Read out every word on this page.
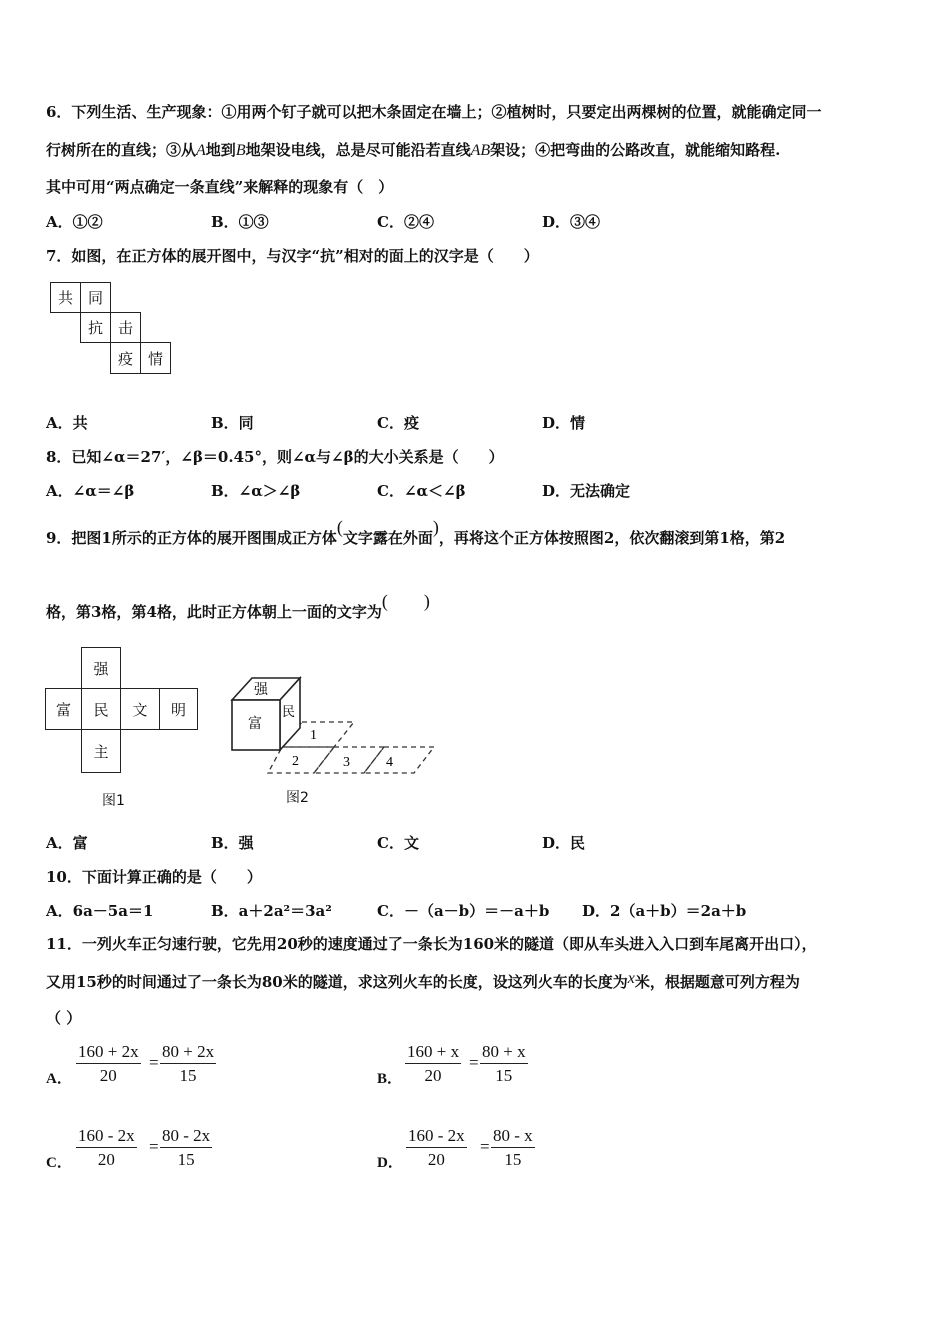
6．下列生活、生产现象：①用两个钉子就可以把木条固定在墙上；②植树时，只要定出两棵树的位置，就能确定同一
行树所在的直线；③从A地到B地架设电线，总是尽可能沿若直线AB架设；④把弯曲的公路改直，就能缩知路程.
其中可用“两点确定一条直线”来解释的现象有（　）
A．①②	B．①③	C．②④	D．③④
7．如图，在正方体的展开图中，与汉字“抗”相对的面上的汉字是（　　）
共 同
抗 击
疫 情
A．共	B．同	C．疫	D．情
8．已知∠α＝27′，∠β＝0.45°，则∠α与∠β的大小关系是（　　）
A．∠α＝∠β	B．∠α＞∠β	C．∠α＜∠β	D．无法确定
9．把图1所示的正方体的展开图围成正方体(文字露在外面)，再将这个正方体按照图2，依次翻滚到第1格，第2
格，第3格，第4格，此时正方体朝上一面的文字为(　　)
强
富	民	文	明
主
图1
强
富
民
1
2	3	4
图2
A．富	B．强	C．文	D．民
10．下面计算正确的是（　　）
A．6a－5a＝1	B．a＋2a²＝3a²	C．－（a－b）＝－a＋b D．2（a＋b）＝2a＋b
11．一列火车正匀速行驶，它先用20秒的速度通过了一条长为160米的隧道（即从车头进入入口到车尾离开出口），
又用15秒的时间通过了一条长为80米的隧道，求这列火车的长度，设这列火车的长度为x米，根据题意可列方程为
（ ）
A．
160 + 2x
20
=
80 + 2x
15	B．
160 + x
20
=
80 + x
15
C．
160 - 2x
20
=
80 - 2x
15	D．
160 - 2x
20
=
80 - x
15
